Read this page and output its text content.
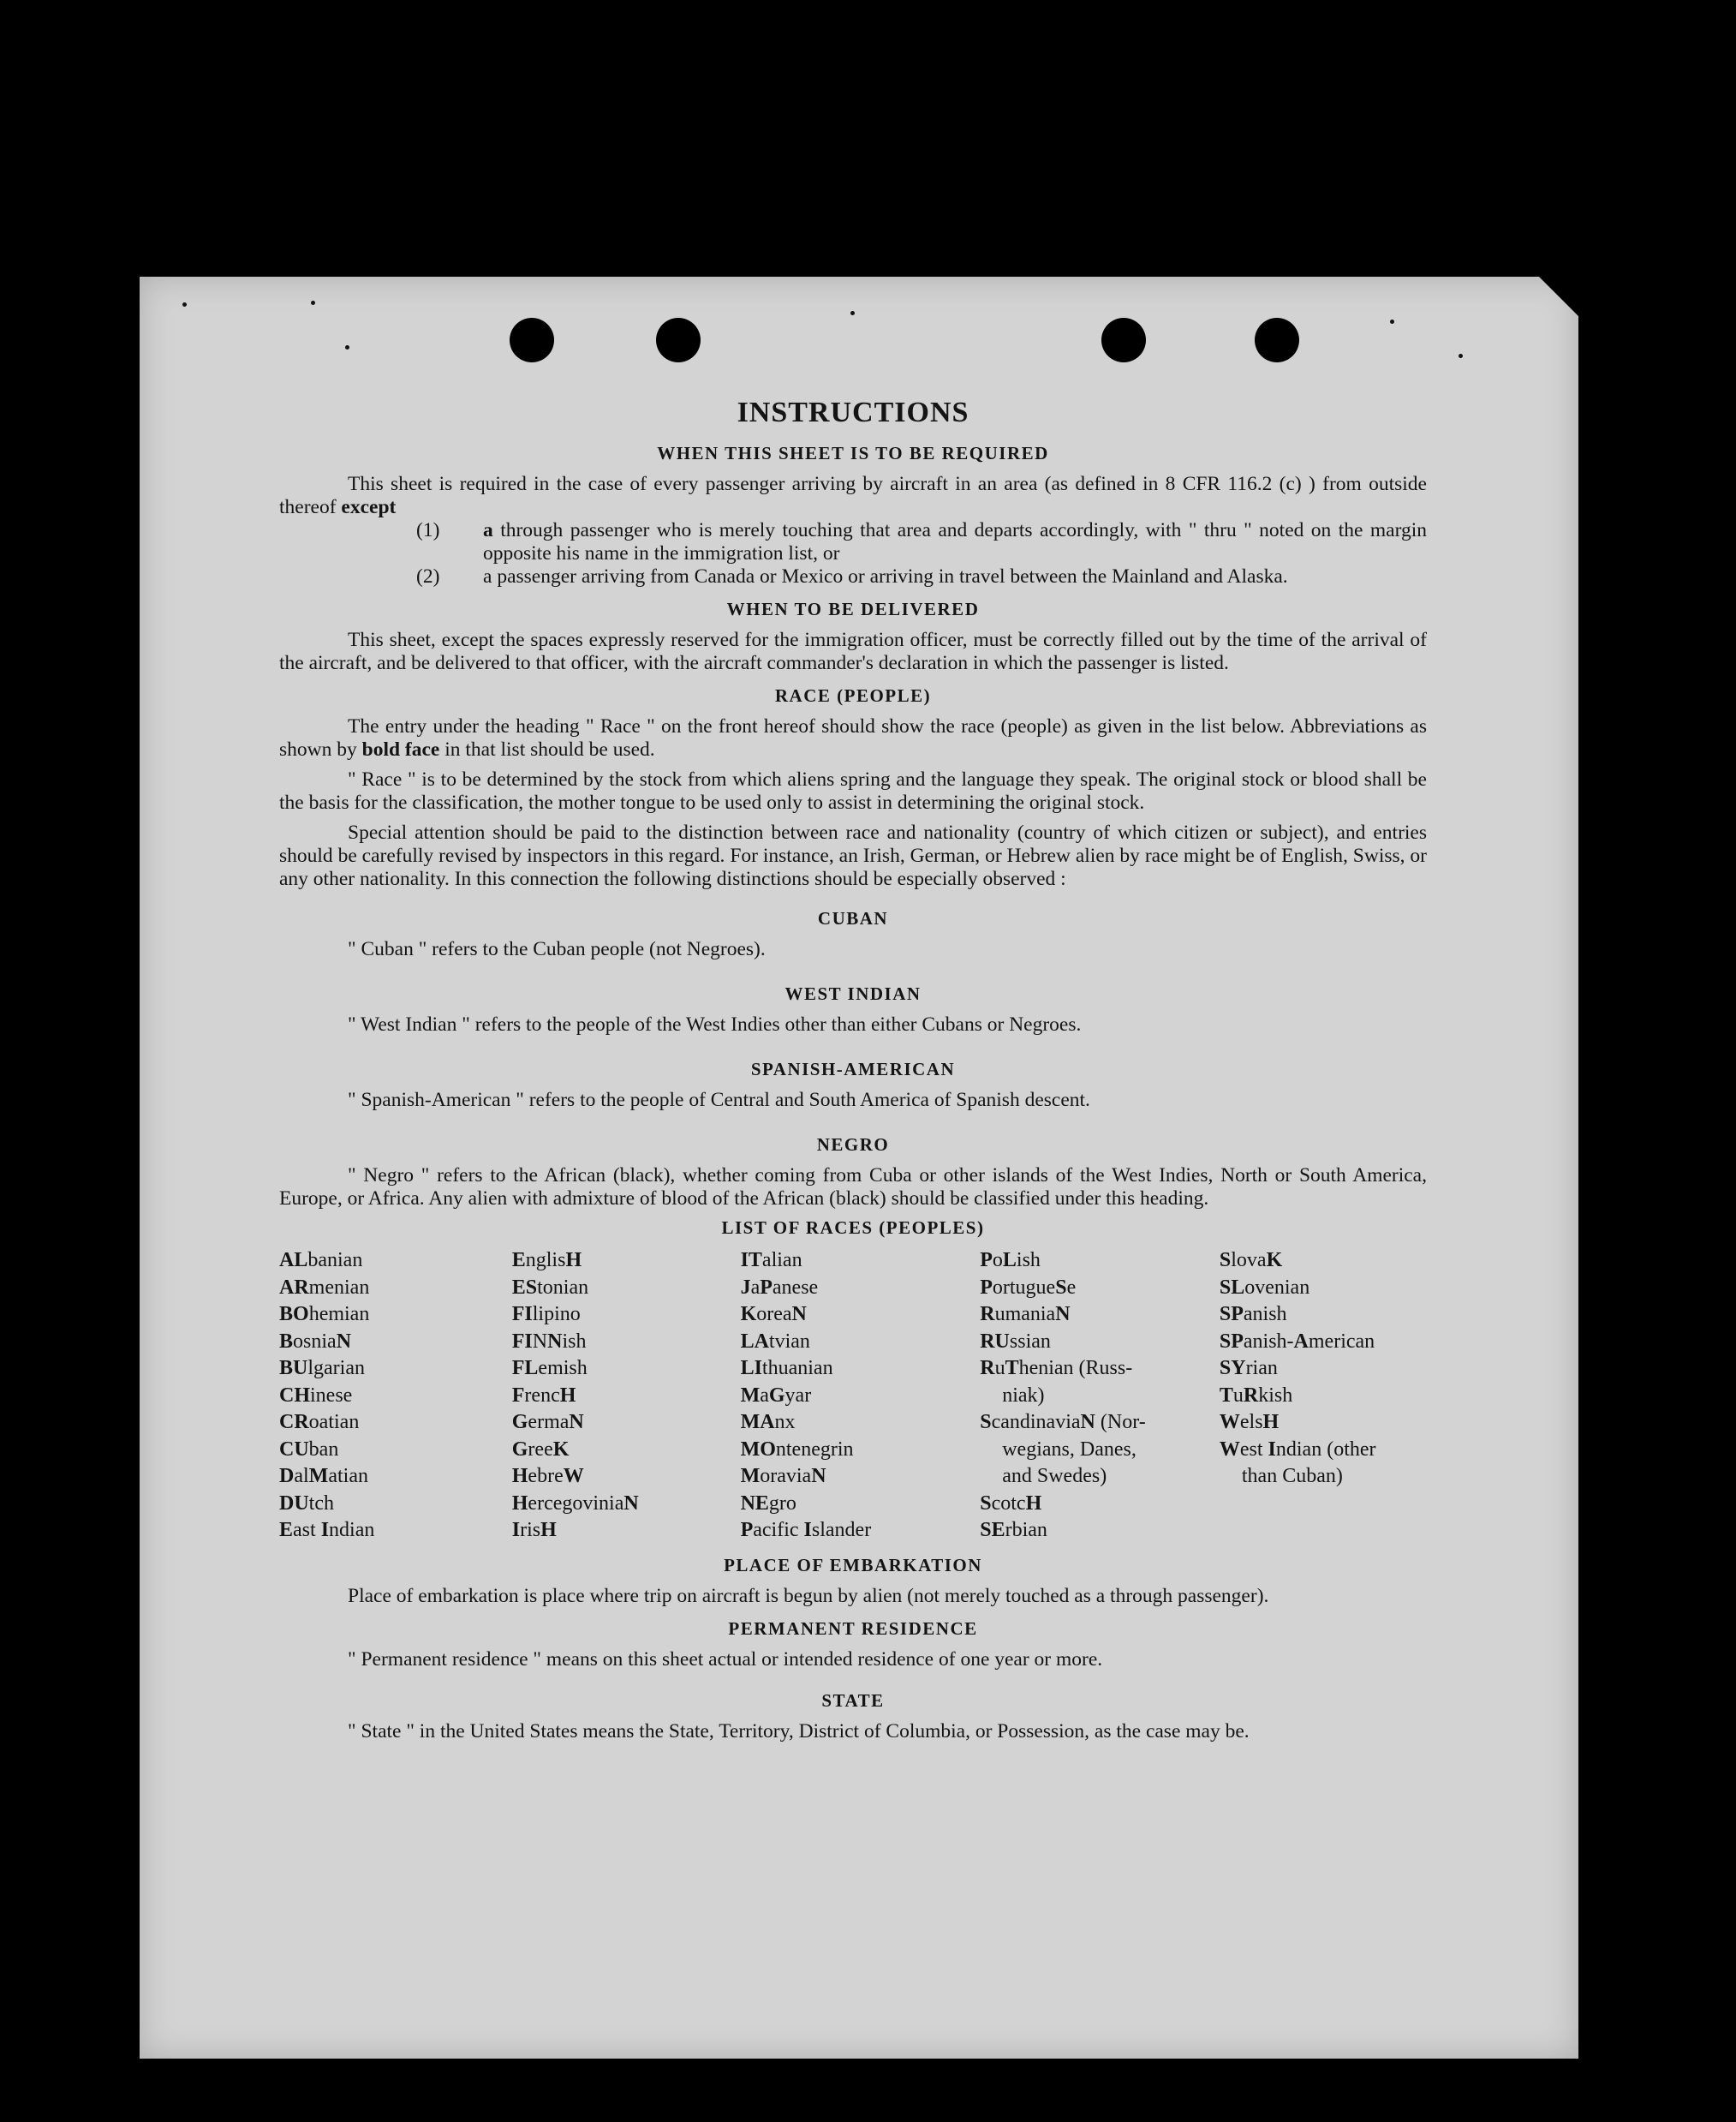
INSTRUCTIONS
WHEN THIS SHEET IS TO BE REQUIRED

This sheet is required in the case of every passenger arriving by aircraft in an area (as defined in 8 CFR 116.2 (c) ) from outside thereof except

(1) a through passenger who is merely touching that area and departs accordingly, with " thru " noted on the margin opposite his name in the immigration list, or
(2) a passenger arriving from Canada or Mexico or arriving in travel between the Mainland and Alaska.
WHEN TO BE DELIVERED

This sheet, except the spaces expressly reserved for the immigration officer, must be correctly filled out by the time of the arrival of the aircraft, and be delivered to that officer, with the aircraft commander's declaration in which the passenger is listed.

RACE (PEOPLE)

The entry under the heading " Race " on the front hereof should show the race (people) as given in the list below. Abbreviations as shown by bold face in that list should be used.

" Race " is to be determined by the stock from which aliens spring and the language they speak. The original stock or blood shall be the basis for the classification, the mother tongue to be used only to assist in determining the original stock.

Special attention should be paid to the distinction between race and nationality (country of which citizen or subject), and entries should be carefully revised by inspectors in this regard. For instance, an Irish, German, or Hebrew alien by race might be of English, Swiss, or any other nationality. In this connection the following distinctions should be especially observed :

CUBAN

" Cuban " refers to the Cuban people (not Negroes).

WEST INDIAN

" West Indian " refers to the people of the West Indies other than either Cubans or Negroes.

SPANISH-AMERICAN

" Spanish-American " refers to the people of Central and South America of Spanish descent.

NEGRO

" Negro " refers to the African (black), whether coming from Cuba or other islands of the West Indies, North or South America, Europe, or Africa. Any alien with admixture of blood of the African (black) should be classified under this heading.

LIST OF RACES (PEOPLES)
ALbanian
ARmenian
BOhemian
BosniaN
BUlgarian
CHinese
CRoatian
CUban
DalMatian
DUtch
East Indian
EnglisH
EStonian
FIlipino
FINNish
FLemish
FrencH
GermaN
GreeK
HebreW
HercegoviniaN
IrisH
ITalian
JaPanese
KoreaN
LAtvian
LIthuanian
MaGyar
MAnx
MOntenegrin
MoraviaN
NEgro
Pacific Islander
PoLish
PortugueSe
RumaniaN
RUssian
RuThenian (Russ-
niak)
ScandinaviaN (Nor-
wegians, Danes,
and Swedes)
ScotcH
SErbian
SlovaK
SLovenian
SPanish
SPanish-American
SYrian
TuRkish
WelsH
West Indian (other
than Cuban)
PLACE OF EMBARKATION

Place of embarkation is place where trip on aircraft is begun by alien (not merely touched as a through passenger).

PERMANENT RESIDENCE

" Permanent residence " means on this sheet actual or intended residence of one year or more.

STATE

" State " in the United States means the State, Territory, District of Columbia, or Possession, as the case may be.
